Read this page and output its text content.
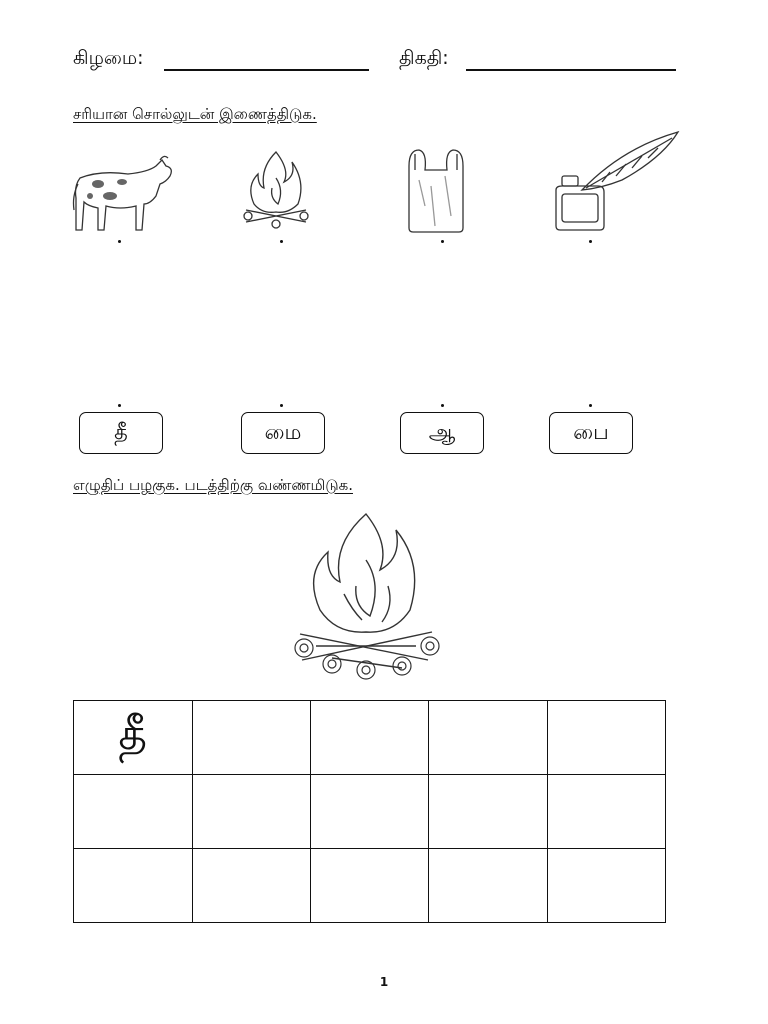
கிழமை:	திகதி:
சரியான சொல்லுடன் இணைத்திடுக.
தீ	மை	ஆ	பை
எழுதிப் பழகுக. படத்திற்கு வண்ணமிடுக.
தீ				

1
